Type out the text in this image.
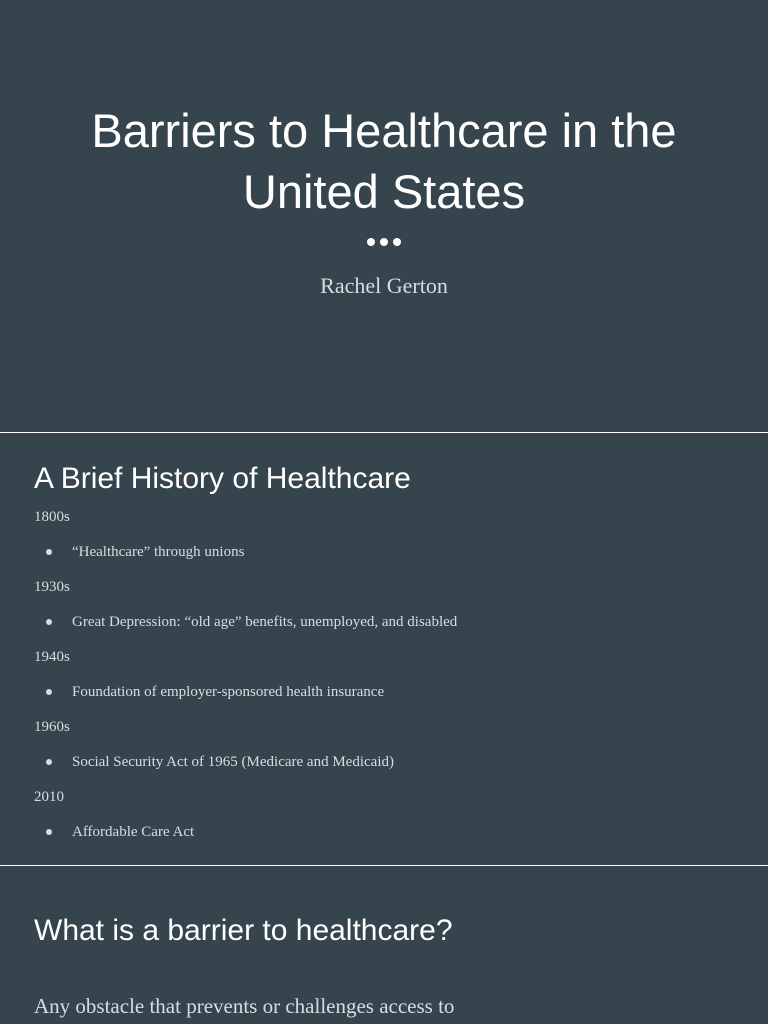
Barriers to Healthcare in the
United States
Rachel Gerton
A Brief History of Healthcare
1800s
“Healthcare” through unions
1930s
Great Depression: “old age” benefits, unemployed, and disabled
1940s
Foundation of employer-sponsored health insurance
1960s
Social Security Act of 1965 (Medicare and Medicaid)
2010
Affordable Care Act
What is a barrier to healthcare?
Any obstacle that prevents or challenges access to
